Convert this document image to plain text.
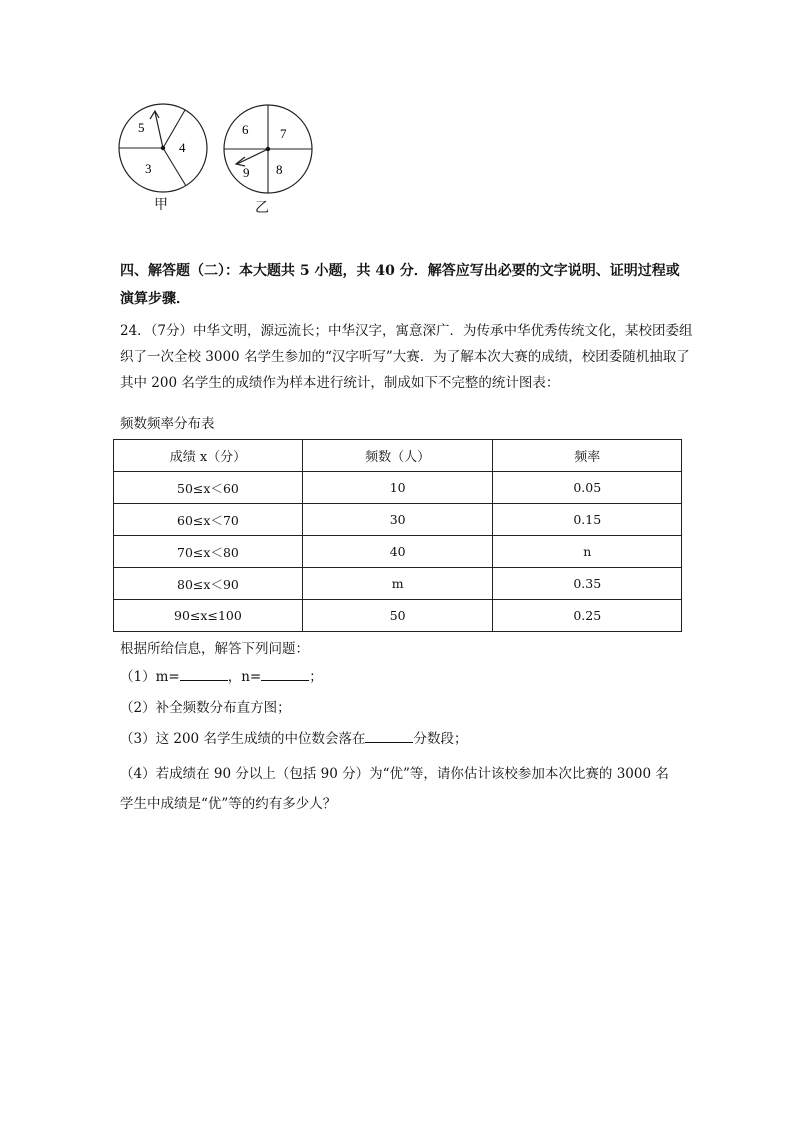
5
4
3
6 7
8
9
甲	乙
四、解答题（二）：本大题共 5 小题，共 40 分．解答应写出必要的文字说明、证明过程或演算步骤．
24．（7分）中华文明，源远流长；中华汉字，寓意深广．为传承中华优秀传统文化，某校团委组织了一次全校 3000 名学生参加的“汉字听写”大赛．为了解本次大赛的成绩，校团委随机抽取了其中 200 名学生的成绩作为样本进行统计，制成如下不完整的统计图表：
频数频率分布表
成绩 x（分）	频数（人）	频率
50≤x＜60	10	0.05
60≤x＜70	30	0.15
70≤x＜80	40	n
80≤x＜90	m	0.35
90≤x≤100	50	0.25
根据所给信息，解答下列问题：
（1）m=	，n=	；
（2）补全频数分布直方图；
（3）这 200 名学生成绩的中位数会落在	分数段；
（4）若成绩在 90 分以上（包括 90 分）为“优”等，请你估计该校参加本次比赛的 3000 名学生中成绩是“优”等的约有多少人？
